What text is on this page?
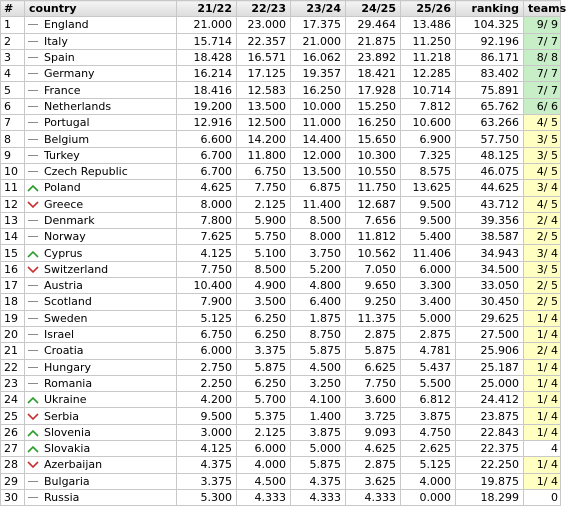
#	country	21/22	22/23	23/24	24/25	25/26	ranking	teams
1	England	21.000	23.000	17.375	29.464	13.486	104.325	9/ 9
2	Italy	15.714	22.357	21.000	21.875	11.250	92.196	7/ 7
3	Spain	18.428	16.571	16.062	23.892	11.218	86.171	8/ 8
4	Germany	16.214	17.125	19.357	18.421	12.285	83.402	7/ 7
5	France	18.416	12.583	16.250	17.928	10.714	75.891	7/ 7
6	Netherlands	19.200	13.500	10.000	15.250	7.812	65.762	6/ 6
7	Portugal	12.916	12.500	11.000	16.250	10.600	63.266	4/ 5
8	Belgium	6.600	14.200	14.400	15.650	6.900	57.750	3/ 5
9	Turkey	6.700	11.800	12.000	10.300	7.325	48.125	3/ 5
10	Czech Republic	6.700	6.750	13.500	10.550	8.575	46.075	4/ 5
11	Poland	4.625	7.750	6.875	11.750	13.625	44.625	3/ 4
12	Greece	8.000	2.125	11.400	12.687	9.500	43.712	4/ 5
13	Denmark	7.800	5.900	8.500	7.656	9.500	39.356	2/ 4
14	Norway	7.625	5.750	8.000	11.812	5.400	38.587	2/ 5
15	Cyprus	4.125	5.100	3.750	10.562	11.406	34.943	3/ 4
16	Switzerland	7.750	8.500	5.200	7.050	6.000	34.500	3/ 5
17	Austria	10.400	4.900	4.800	9.650	3.300	33.050	2/ 5
18	Scotland	7.900	3.500	6.400	9.250	3.400	30.450	2/ 5
19	Sweden	5.125	6.250	1.875	11.375	5.000	29.625	1/ 4
20	Israel	6.750	6.250	8.750	2.875	2.875	27.500	1/ 4
21	Croatia	6.000	3.375	5.875	5.875	4.781	25.906	2/ 4
22	Hungary	2.750	5.875	4.500	6.625	5.437	25.187	1/ 4
23	Romania	2.250	6.250	3.250	7.750	5.500	25.000	1/ 4
24	Ukraine	4.200	5.700	4.100	3.600	6.812	24.412	1/ 4
25	Serbia	9.500	5.375	1.400	3.725	3.875	23.875	1/ 4
26	Slovenia	3.000	2.125	3.875	9.093	4.750	22.843	1/ 4
27	Slovakia	4.125	6.000	5.000	4.625	2.625	22.375	4
28	Azerbaijan	4.375	4.000	5.875	2.875	5.125	22.250	1/ 4
29	Bulgaria	3.375	4.500	4.375	3.625	4.000	19.875	1/ 4
30	Russia	5.300	4.333	4.333	4.333	0.000	18.299	0
